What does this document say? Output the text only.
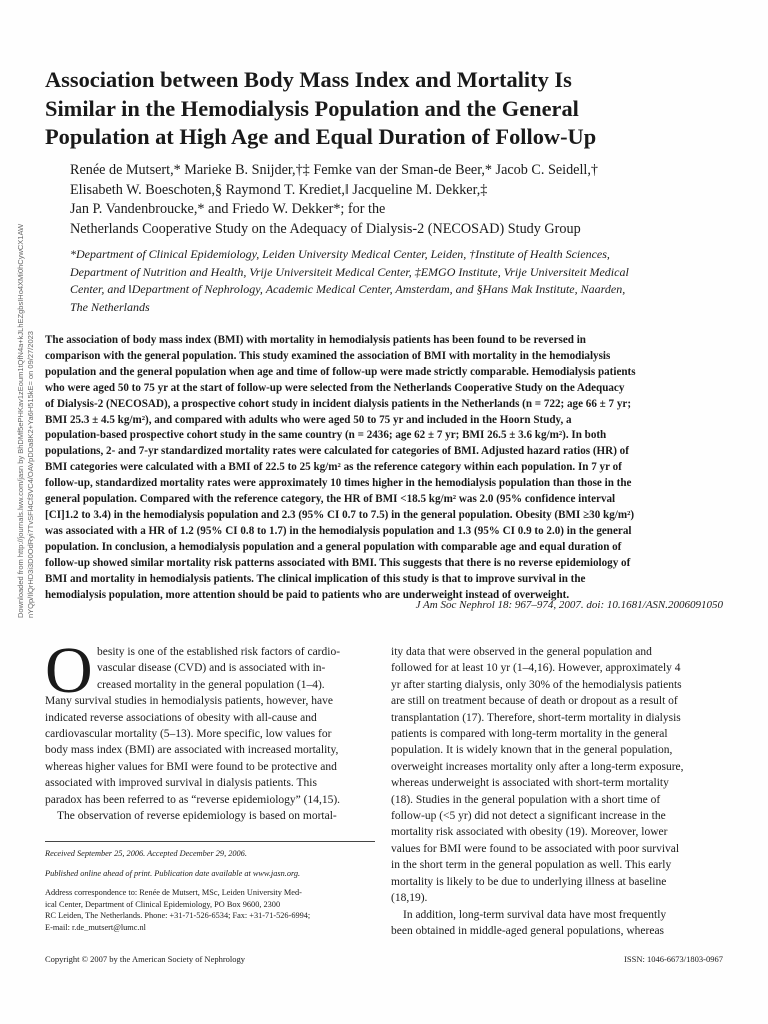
Association between Body Mass Index and Mortality Is
Similar in the Hemodialysis Population and the General
Population at High Age and Equal Duration of Follow-Up
Renée de Mutsert,* Marieke B. Snijder,†‡ Femke van der Sman-de Beer,* Jacob C. Seidell,†
Elisabeth W. Boeschoten,§ Raymond T. Krediet,‖ Jacqueline M. Dekker,‡
Jan P. Vandenbroucke,* and Friedo W. Dekker*; for the
Netherlands Cooperative Study on the Adequacy of Dialysis-2 (NECOSAD) Study Group
*Department of Clinical Epidemiology, Leiden University Medical Center, Leiden, †Institute of Health Sciences,
Department of Nutrition and Health, Vrije Universiteit Medical Center, ‡EMGO Institute, Vrije Universiteit Medical
Center, and ‖Department of Nephrology, Academic Medical Center, Amsterdam, and §Hans Mak Institute, Naarden,
The Netherlands
Downloaded from http://journals.lww.com/jasn by BhDMf5ePHKav1zEoum1tQfN4a+kJLhEZgbsIHo4XMi0hCywCX1AW nYQp/IlQrHD3i3D0OdRyi7TvSFl4Cf3VC4/OAVpDDa8K2+Ya6H515kE= on 09/27/2023 The association of body mass index (BMI) with mortality in hemodialysis patients has been found to be reversed in
comparison with the general population. This study examined the association of BMI with mortality in the hemodialysis
population and the general population when age and time of follow-up were made strictly comparable. Hemodialysis patients
who were aged 50 to 75 yr at the start of follow-up were selected from the Netherlands Cooperative Study on the Adequacy
of Dialysis-2 (NECOSAD), a prospective cohort study in incident dialysis patients in the Netherlands (n = 722; age 66 ± 7 yr;
BMI 25.3 ± 4.5 kg/m²), and compared with adults who were aged 50 to 75 yr and included in the Hoorn Study, a
population-based prospective cohort study in the same country (n = 2436; age 62 ± 7 yr; BMI 26.5 ± 3.6 kg/m²). In both
populations, 2- and 7-yr standardized mortality rates were calculated for categories of BMI. Adjusted hazard ratios (HR) of
BMI categories were calculated with a BMI of 22.5 to 25 kg/m² as the reference category within each population. In 7 yr of
follow-up, standardized mortality rates were approximately 10 times higher in the hemodialysis population than those in the
general population. Compared with the reference category, the HR of BMI <18.5 kg/m² was 2.0 (95% confidence interval
[CI]1.2 to 3.4) in the hemodialysis population and 2.3 (95% CI 0.7 to 7.5) in the general population. Obesity (BMI ≥30 kg/m²)
was associated with a HR of 1.2 (95% CI 0.8 to 1.7) in the hemodialysis population and 1.3 (95% CI 0.9 to 2.0) in the general
population. In conclusion, a hemodialysis population and a general population with comparable age and equal duration of
follow-up showed similar mortality risk patterns associated with BMI. This suggests that there is no reverse epidemiology of
BMI and mortality in hemodialysis patients. The clinical implication of this study is that to improve survival in the
hemodialysis population, more attention should be paid to patients who are underweight instead of overweight.
J Am Soc Nephrol 18: 967–974, 2007. doi: 10.1681/ASN.2006091050
O besity is one of the established risk factors of cardio-
vascular disease (CVD) and is associated with in-
creased mortality in the general population (1–4).
Many survival studies in hemodialysis patients, however, have
indicated reverse associations of obesity with all-cause and
cardiovascular mortality (5–13). More specific, low values for
body mass index (BMI) are associated with increased mortality,
whereas higher values for BMI were found to be protective and
associated with improved survival in dialysis patients. This
paradox has been referred to as “reverse epidemiology” (14,15).
The observation of reverse epidemiology is based on mortal-
Received September 25, 2006. Accepted December 29, 2006.
Published online ahead of print. Publication date available at www.jasn.org.
Address correspondence to: Renée de Mutsert, MSc, Leiden University Med-
ical Center, Department of Clinical Epidemiology, PO Box 9600, 2300
RC Leiden, The Netherlands. Phone: +31-71-526-6534; Fax: +31-71-526-6994;
E-mail: r.de_mutsert@lumc.nl
ity data that were observed in the general population and
followed for at least 10 yr (1–4,16). However, approximately 4
yr after starting dialysis, only 30% of the hemodialysis patients
are still on treatment because of death or dropout as a result of
transplantation (17). Therefore, short-term mortality in dialysis
patients is compared with long-term mortality in the general
population. It is widely known that in the general population,
overweight increases mortality only after a long-term exposure,
whereas underweight is associated with short-term mortality
(18). Studies in the general population with a short time of
follow-up (<5 yr) did not detect a significant increase in the
mortality risk associated with obesity (19). Moreover, lower
values for BMI were found to be associated with poor survival
in the short term in the general population as well. This early
mortality is likely to be due to underlying illness at baseline
(18,19).
In addition, long-term survival data have most frequently
been obtained in middle-aged general populations, whereas
Copyright © 2007 by the American Society of Nephrology	ISSN: 1046-6673/1803-0967
